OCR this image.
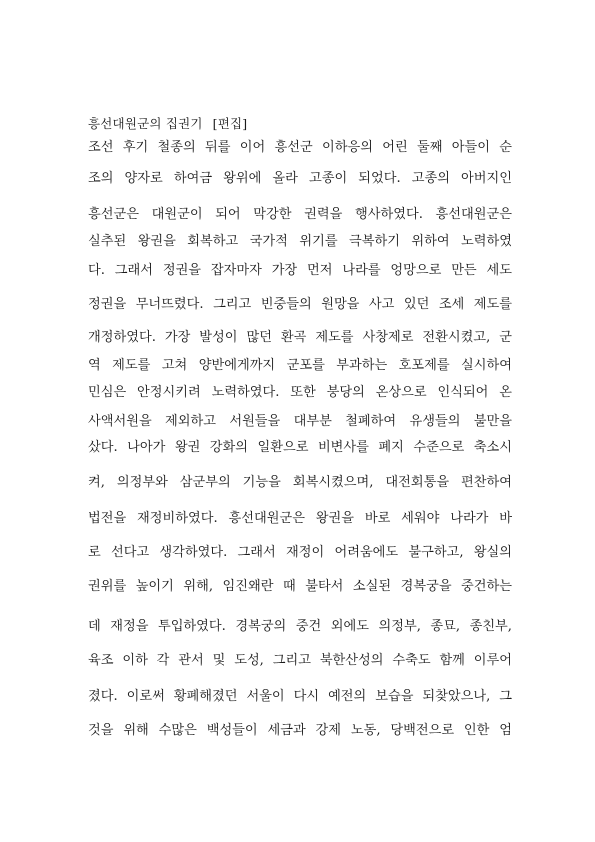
흥선대원군의 집권기 [편집]
조선 후기 철종의 뒤를 이어 흥선군 이하응의 어린 둘째 아들이 순
조의 양자로 하여금 왕위에 올라 고종이 되었다. 고종의 아버지인
흥선군은 대원군이 되어 막강한 권력을 행사하였다. 흥선대원군은
실추된 왕권을 회복하고 국가적 위기를 극복하기 위하여 노력하였
다. 그래서 정권을 잡자마자 가장 먼저 나라를 엉망으로 만든 세도
정권을 무너뜨렸다. 그리고 빈중들의 원망을 사고 있던 조세 제도를
개정하였다. 가장 발성이 많던 환곡 제도를 사창제로 전환시켰고, 군
역 제도를 고쳐 양반에게까지 군포를 부과하는 호포제를 실시하여
민심은 안정시키려 노력하였다. 또한 붕당의 온상으로 인식되어 온
사액서원을 제외하고 서원들을 대부분 철폐하여 유생들의 불만을
샀다. 나아가 왕권 강화의 일환으로 비변사를 폐지 수준으로 축소시
켜, 의정부와 삼군부의 기능을 회복시켰으며, 대전회통을 편찬하여
법전을 재정비하였다. 흥선대원군은 왕권을 바로 세워야 나라가 바
로 선다고 생각하였다. 그래서 재정이 어려움에도 불구하고, 왕실의
권위를 높이기 위해, 임진왜란 때 불타서 소실된 경복궁을 중건하는
데 재정을 투입하였다. 경복궁의 중건 외에도 의정부, 종묘, 종친부,
육조 이하 각 관서 및 도성, 그리고 북한산성의 수축도 함께 이루어
졌다. 이로써 황폐해졌던 서울이 다시 예전의 보습을 되찾았으나, 그
것을 위해 수많은 백성들이 세금과 강제 노동, 당백전으로 인한 엄
